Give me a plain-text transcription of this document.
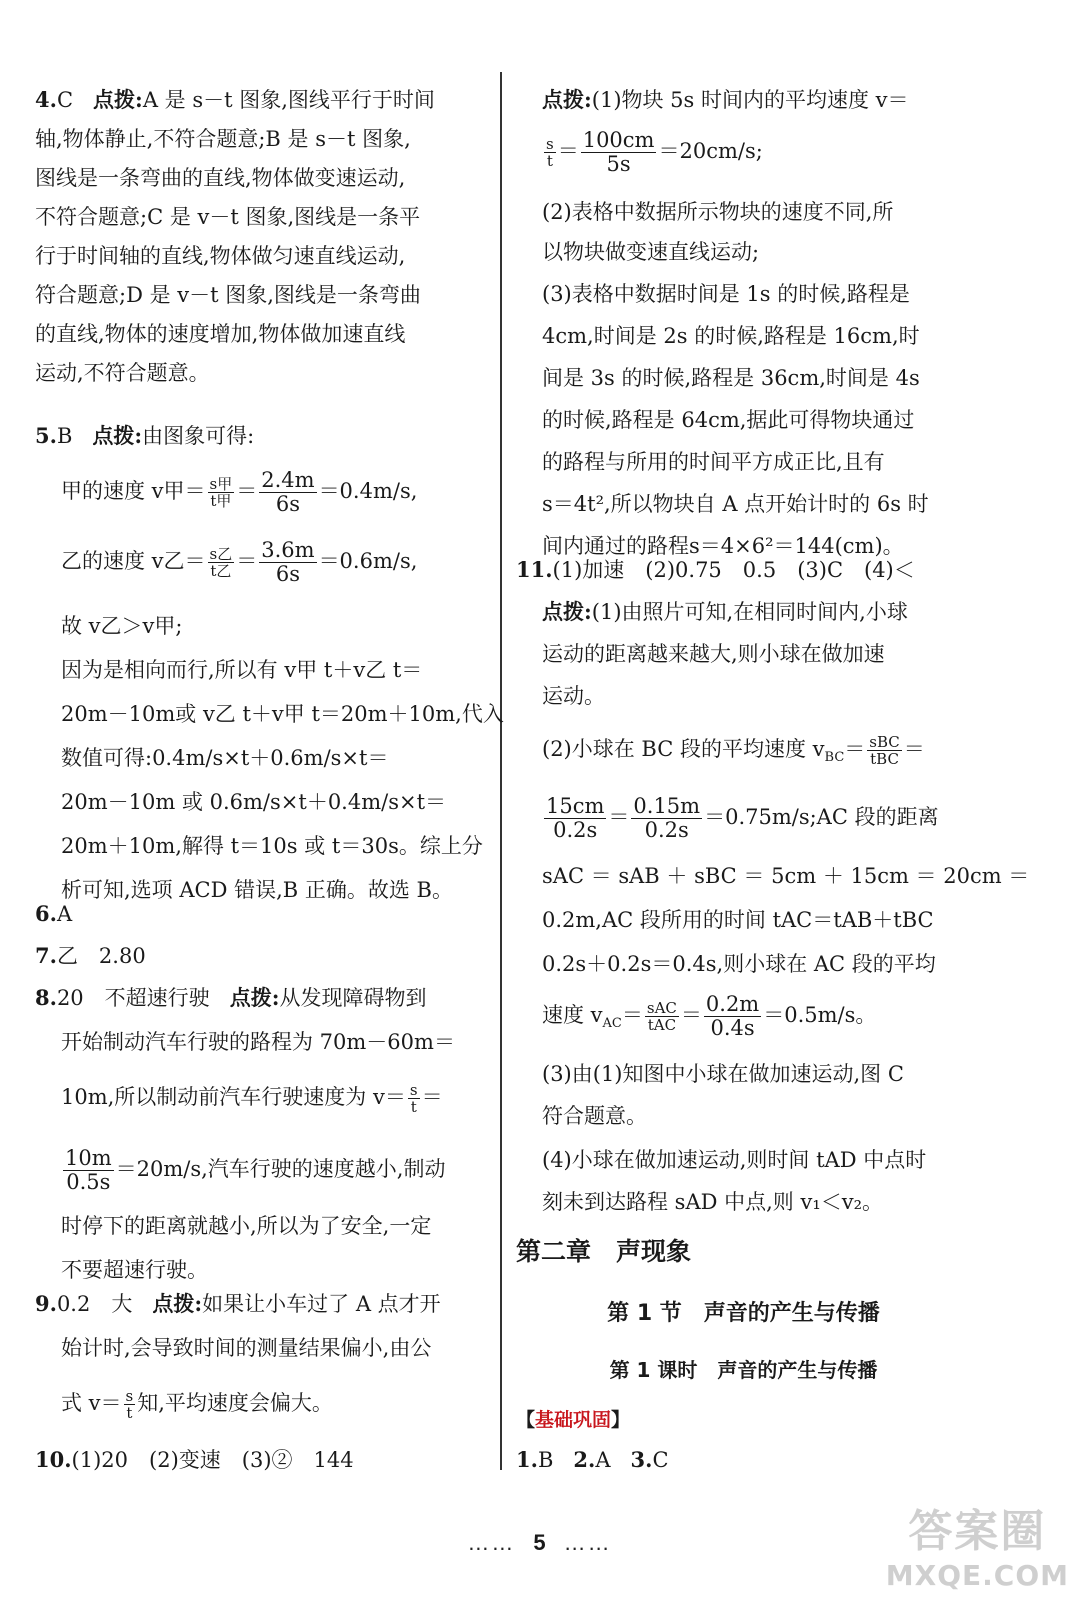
4.C 点拨:A 是 s－t 图象,图线平行于时间
轴,物体静止,不符合题意;B 是 s－t 图象,
图线是一条弯曲的直线,物体做变速运动,
不符合题意;C 是 v－t 图象,图线是一条平
行于时间轴的直线,物体做匀速直线运动,
符合题意;D 是 v－t 图象,图线是一条弯曲
的直线,物体的速度增加,物体做加速直线
运动,不符合题意。
5.B 点拨:由图象可得:
甲的速度 v甲＝ $\frac{\text{s甲}}{\text{t甲}} = \frac{2.4m}{6s} =0.4m/s$,
乙的速度 v乙＝ $\frac{\text{s乙}}{\text{t乙}} = \frac{3.6m}{6s} =0.6m/s$,
故 v乙＞v甲;
因为是相向而行,所以有 v甲 t＋v乙 t＝
20m－10m或 v乙 t＋v甲 t＝20m＋10m,代入
数值可得:0.4m/s×t＋0.6m/s×t＝
20m－10m 或 0.6m/s×t＋0.4m/s×t＝
20m＋10m,解得 t＝10s 或 t＝30s。综上分
析可知,选项 ACD 错误,B 正确。故选 B。
6.A
7.乙　2.80
8.20　不超速行驶 点拨:从发现障碍物到
开始制动汽车行驶的路程为 70m－60m＝
10m,所以制动前汽车行驶速度为 $v= \frac{s}{t}$ ＝
$\frac{10m}{0.5s} =20m/s$,汽车行驶的速度越小,制动
时停下的距离就越小,所以为了安全,一定
不要超速行驶。
9.0.2　大 点拨:如果让小车过了 A 点才开
始计时,会导致时间的测量结果偏小,由公
式 $v= \frac{s}{t}$ 知,平均速度会偏大。
10.(1)20　(2)变速　(3)②　144
点拨:(1)物块 5s 时间内的平均速度 v＝
$\frac{s}{t} = \frac{100cm}{5s} =20cm/s$;
(2)表格中数据所示物块的速度不同,所
以物块做变速直线运动;
(3)表格中数据时间是 1s 的时候,路程是
4cm,时间是 2s 的时候,路程是 16cm,时
间是 3s 的时候,路程是 36cm,时间是 4s
的时候,路程是 64cm,据此可得物块通过
的路程与所用的时间平方成正比,且有
s＝4t²,所以物块自 A 点开始计时的 6s 时
间内通过的路程s＝4×6²＝144(cm)。
11.(1)加速　(2)0.75　0.5　(3)C　(4)＜
点拨:(1)由照片可知,在相同时间内,小球
运动的距离越来越大,则小球在做加速
运动。
(2)小球在 BC 段的平均速度 $v_{BC}= \frac{\text{sBC}}{\text{tBC}}$ ＝
$\frac{15cm}{0.2s} = \frac{0.15m}{0.2s}$ ＝0.75m/s;AC 段的距离
sAC ＝ sAB ＋ sBC ＝ 5cm ＋ 15cm ＝ 20cm ＝
0.2m,AC 段所用的时间 tAC＝tAB＋tBC
0.2s＋0.2s＝0.4s,则小球在 AC 段的平均
速度 $v_{AC}= \frac{\text{sAC}}{\text{tAC}} = \frac{0.2m}{0.4s} =0.5m/s$。
(3)由(1)知图中小球在做加速运动,图 C
符合题意。
(4)小球在做加速运动,则时间 tAD 中点时
刻未到达路程 sAD 中点,则 v₁＜v₂。
第二章　声现象
第 1 节　声音的产生与传播
第 1 课时　声音的产生与传播
【基础巩固】
1.B 2.A 3.C
…… 5 ……	答案圈
MXQE.COM
